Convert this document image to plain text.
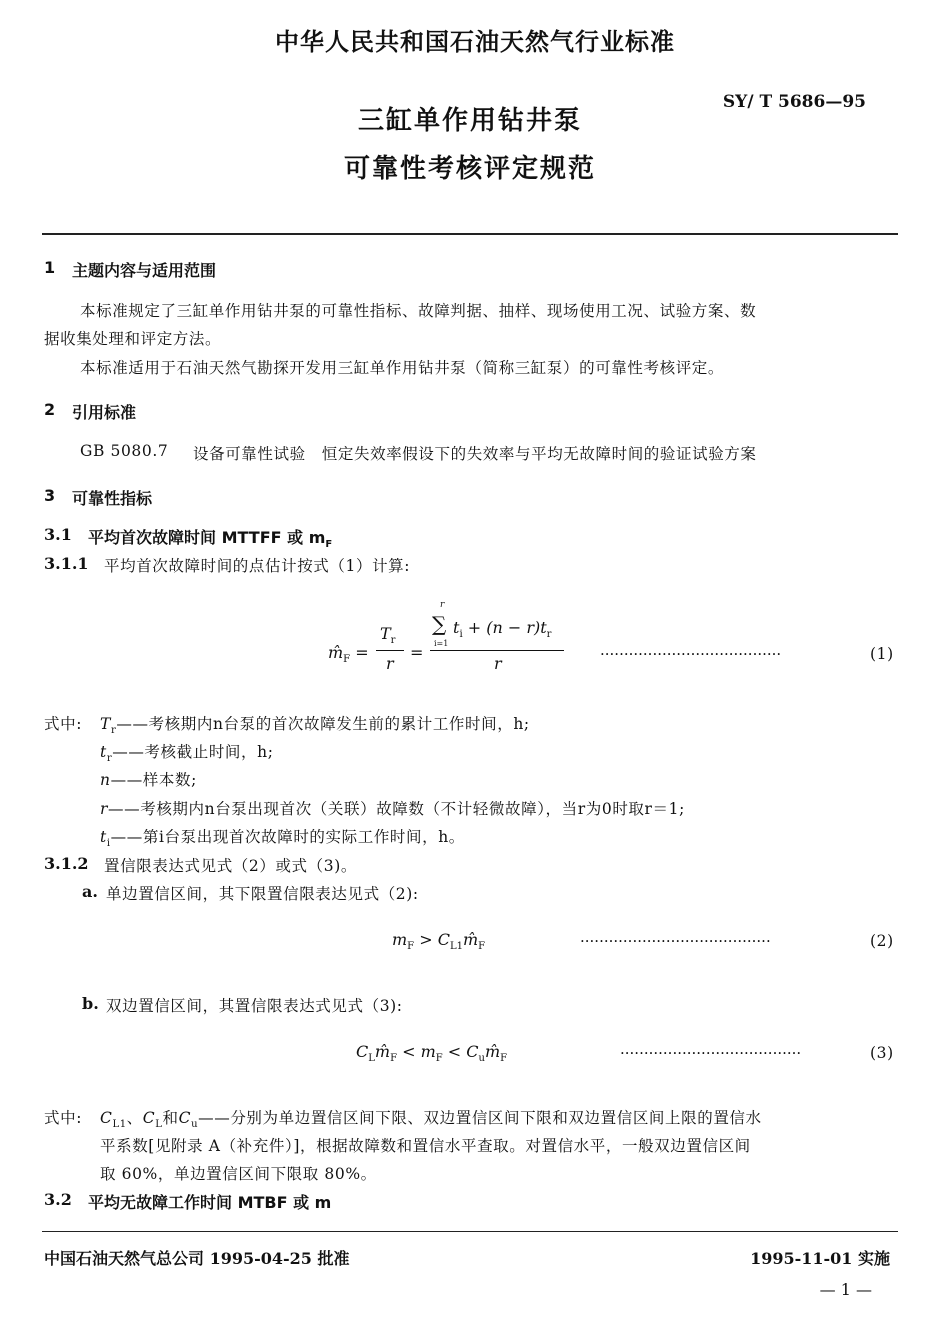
中华人民共和国石油天然气行业标准
SY/ T 5686—95
三缸单作用钻井泵
可靠性考核评定规范
1 主题内容与适用范围
本标准规定了三缸单作用钻井泵的可靠性指标、故障判据、抽样、现场使用工况、试验方案、数
据收集处理和评定方法。
本标准适用于石油天然气勘探开发用三缸单作用钻井泵（简称三缸泵）的可靠性考核评定。
2 引用标准
GB 5080.7 设备可靠性试验　恒定失效率假设下的失效率与平均无故障时间的验证试验方案
3 可靠性指标
3.1 平均首次故障时间 MTTFF 或 $m_F$
3.1.1 平均首次故障时间的点估计按式（1）计算:
$m̂_F$ =
$T_r$
r
=
r
∑ $t_i + (n - r)t_r$
i=1
r	······································	(1)
式中: $T_r——$考核期内n台泵的首次故障发生前的累计工作时间，h;
$t_r——$考核截止时间，h;
n——样本数;
r——考核期内n台泵出现首次（关联）故障数（不计轻微故障），当r为0时取r＝1;
$t_i——$第i台泵出现首次故障时的实际工作时间，h。
3.1.2 置信限表达式见式（2）或式（3)。
a. 单边置信区间，其下限置信限表达见式（2):
$m_F$ > $C_{L1}m̂_F$	········································	(2)
b. 双边置信区间，其置信限表达式见式（3):
$C_Lm̂_F < m_F$ < $C_um̂_F$	······································	(3)
式中: $C_{L1}$、$C_L$和$C_u——$分别为单边置信区间下限、双边置信区间下限和双边置信区间上限的置信水
平系数[见附录 A（补充件）]，根据故障数和置信水平查取。对置信水平，一般双边置信区间
取 60%，单边置信区间下限取 80%。
3.2 平均无故障工作时间 MTBF 或 m
中国石油天然气总公司 1995-04-25 批准	1995-11-01 实施
— 1 —
